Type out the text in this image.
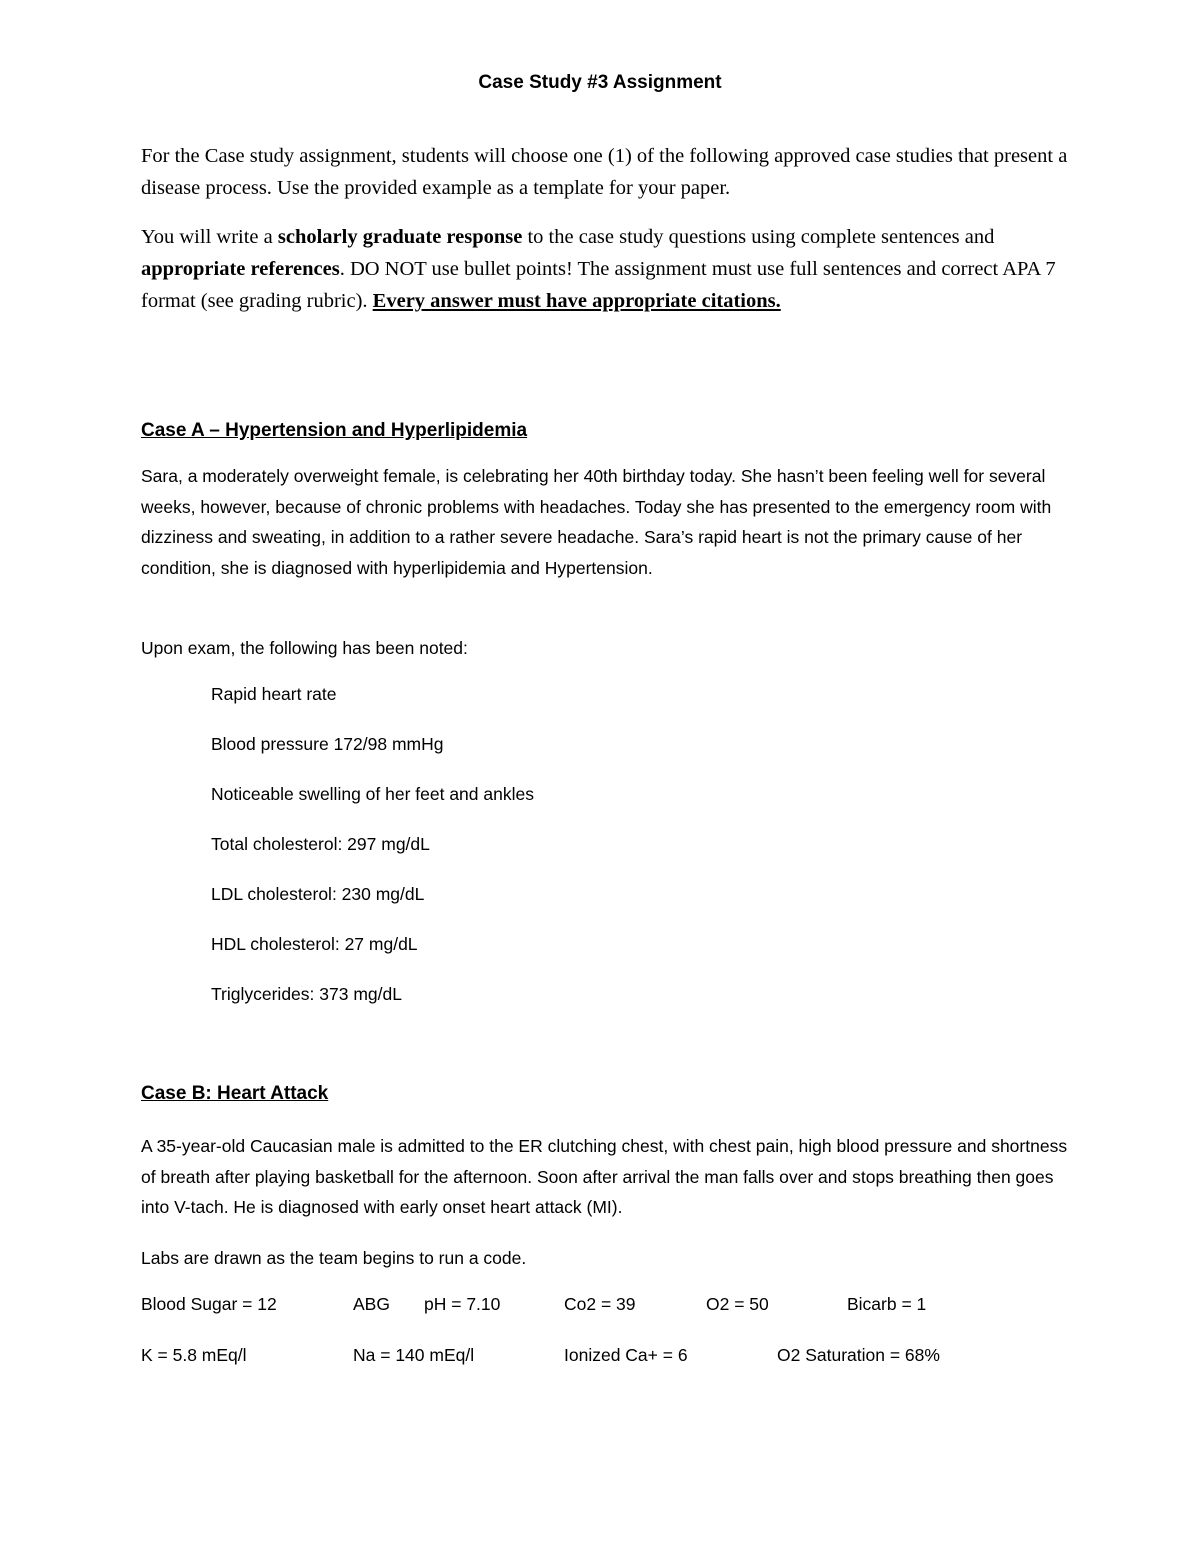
Case Study #3 Assignment
For the Case study assignment, students will choose one (1) of the following approved case studies that present a disease process. Use the provided example as a template for your paper.
You will write a scholarly graduate response to the case study questions using complete sentences and appropriate references. DO NOT use bullet points! The assignment must use full sentences and correct APA 7 format (see grading rubric). Every answer must have appropriate citations.
Case A – Hypertension and Hyperlipidemia
Sara, a moderately overweight female, is celebrating her 40th birthday today. She hasn’t been feeling well for several weeks, however, because of chronic problems with headaches. Today she has presented to the emergency room with dizziness and sweating, in addition to a rather severe headache. Sara’s rapid heart is not the primary cause of her condition, she is diagnosed with hyperlipidemia and Hypertension.
Upon exam, the following has been noted:
Rapid heart rate
Blood pressure 172/98 mmHg
Noticeable swelling of her feet and ankles
Total cholesterol: 297 mg/dL
LDL cholesterol: 230 mg/dL
HDL cholesterol: 27 mg/dL
Triglycerides: 373 mg/dL
Case B: Heart Attack
A 35-year-old Caucasian male is admitted to the ER clutching chest, with chest pain, high blood pressure and shortness of breath after playing basketball for the afternoon. Soon after arrival the man falls over and stops breathing then goes into V-tach. He is diagnosed with early onset heart attack (MI).
Labs are drawn as the team begins to run a code.
Blood Sugar = 12	ABG pH = 7.10	Co2 = 39	O2 = 50	Bicarb = 1
K = 5.8 mEq/l	Na = 140 mEq/l	Ionized Ca+ = 6	O2 Saturation = 68%
